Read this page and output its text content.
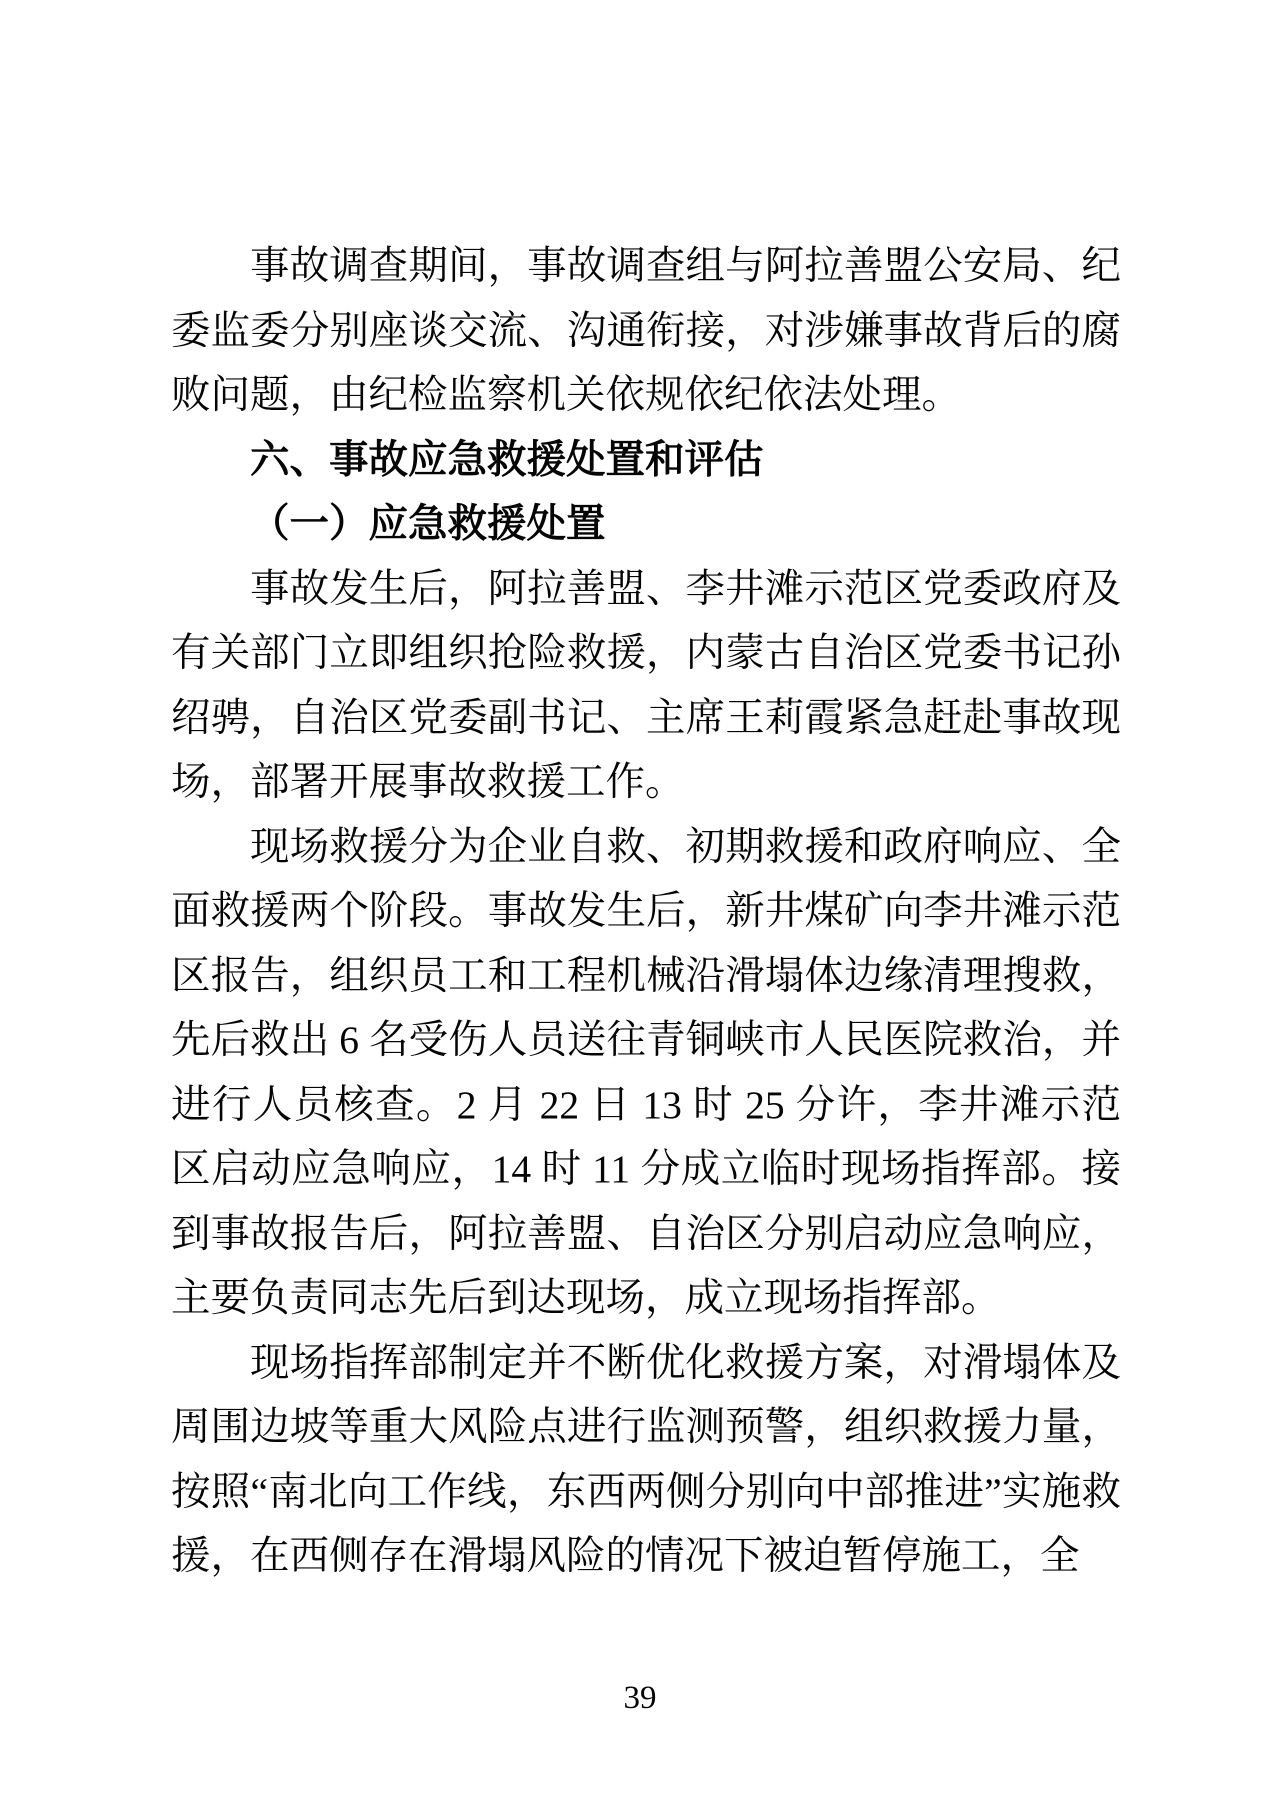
事故调查期间，事故调查组与阿拉善盟公安局、纪委监委分别座谈交流、沟通衔接，对涉嫌事故背后的腐败问题，由纪检监察机关依规依纪依法处理。

六、事故应急救援处置和评估
（一）应急救援处置

事故发生后，阿拉善盟、李井滩示范区党委政府及有关部门立即组织抢险救援，内蒙古自治区党委书记孙绍骋，自治区党委副书记、主席王莉霞紧急赶赴事故现场，部署开展事故救援工作。

现场救援分为企业自救、初期救援和政府响应、全面救援两个阶段。事故发生后，新井煤矿向李井滩示范区报告，组织员工和工程机械沿滑塌体边缘清理搜救，先后救出 6 名受伤人员送往青铜峡市人民医院救治，并进行人员核查。2 月 22 日 13 时 25 分许，李井滩示范区启动应急响应，14 时 11 分成立临时现场指挥部。接到事故报告后，阿拉善盟、自治区分别启动应急响应，主要负责同志先后到达现场，成立现场指挥部。

现场指挥部制定并不断优化救援方案，对滑塌体及周围边坡等重大风险点进行监测预警，组织救援力量，按照“南北向工作线，东西两侧分别向中部推进”实施救援，在西侧存在滑塌风险的情况下被迫暂停施工，全

39
